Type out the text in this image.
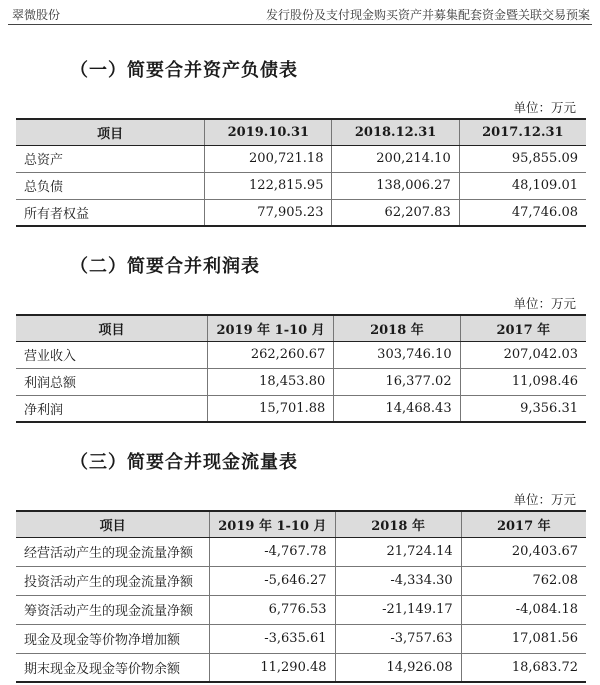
翠微股份	发行股份及支付现金购买资产并募集配套资金暨关联交易预案
（一）简要合并资产负债表
单位：万元
项目	2019.10.31	2018.12.31	2017.12.31
总资产	200,721.18	200,214.10	95,855.09
总负债	122,815.95	138,006.27	48,109.01
所有者权益	77,905.23	62,207.83	47,746.08
（二）简要合并利润表
单位：万元
项目	2019 年 1-10 月	2018 年	2017 年
营业收入	262,260.67	303,746.10	207,042.03
利润总额	18,453.80	16,377.02	11,098.46
净利润	15,701.88	14,468.43	9,356.31
（三）简要合并现金流量表
单位：万元
项目	2019 年 1-10 月	2018 年	2017 年
经营活动产生的现金流量净额	-4,767.78	21,724.14	20,403.67
投资活动产生的现金流量净额	-5,646.27	-4,334.30	762.08
筹资活动产生的现金流量净额	6,776.53	-21,149.17	-4,084.18
现金及现金等价物净增加额	-3,635.61	-3,757.63	17,081.56
期末现金及现金等价物余额	11,290.48	14,926.08	18,683.72
